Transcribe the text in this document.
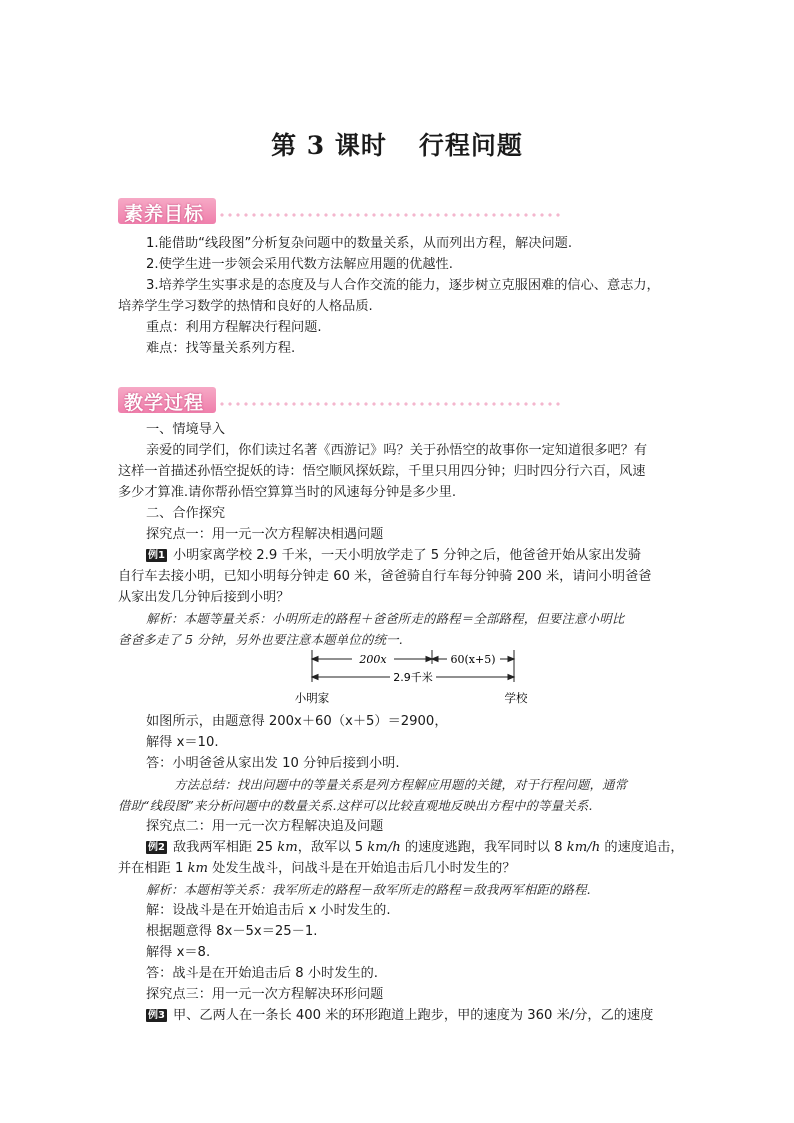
第 3 课时 行程问题
素养目标
1.能借助“线段图”分析复杂问题中的数量关系，从而列出方程，解决问题.
2.使学生进一步领会采用代数方法解应用题的优越性.
3.培养学生实事求是的态度及与人合作交流的能力，逐步树立克服困难的信心、意志力，
培养学生学习数学的热情和良好的人格品质.
重点：利用方程解决行程问题.
难点：找等量关系列方程.
教学过程
一、情境导入
亲爱的同学们，你们读过名著《西游记》吗？关于孙悟空的故事你一定知道很多吧？有
这样一首描述孙悟空捉妖的诗：悟空顺风探妖踪，千里只用四分钟；归时四分行六百，风速
多少才算准.请你帮孙悟空算算当时的风速每分钟是多少里.
二、合作探究
探究点一：用一元一次方程解决相遇问题
例1 小明家离学校 2.9 千米，一天小明放学走了 5 分钟之后，他爸爸开始从家出发骑
自行车去接小明，已知小明每分钟走 60 米，爸爸骑自行车每分钟骑 200 米，请问小明爸爸
从家出发几分钟后接到小明？
解析：本题等量关系：小明所走的路程＋爸爸所走的路程＝全部路程，但要注意小明比
爸爸多走了 5 分钟，另外也要注意本题单位的统一.
200x	60(x+5)
2.9千米
小明家	学校
如图所示，由题意得 200x＋60（x＋5）＝2900，
解得 x＝10.
答：小明爸爸从家出发 10 分钟后接到小明.
方法总结：找出问题中的等量关系是列方程解应用题的关键，对于行程问题，通常
借助“线段图”来分析问题中的数量关系.这样可以比较直观地反映出方程中的等量关系.
探究点二：用一元一次方程解决追及问题
例2 敌我两军相距 25 km，敌军以 5 km/h 的速度逃跑，我军同时以 8 km/h 的速度追击，
并在相距 1 km 处发生战斗，问战斗是在开始追击后几小时发生的？
解析：本题相等关系：我军所走的路程－敌军所走的路程＝敌我两军相距的路程.
解：设战斗是在开始追击后 x 小时发生的.
根据题意得 8x－5x＝25－1.
解得 x＝8.
答：战斗是在开始追击后 8 小时发生的.
探究点三：用一元一次方程解决环形问题
例3 甲、乙两人在一条长 400 米的环形跑道上跑步，甲的速度为 360 米/分，乙的速度
